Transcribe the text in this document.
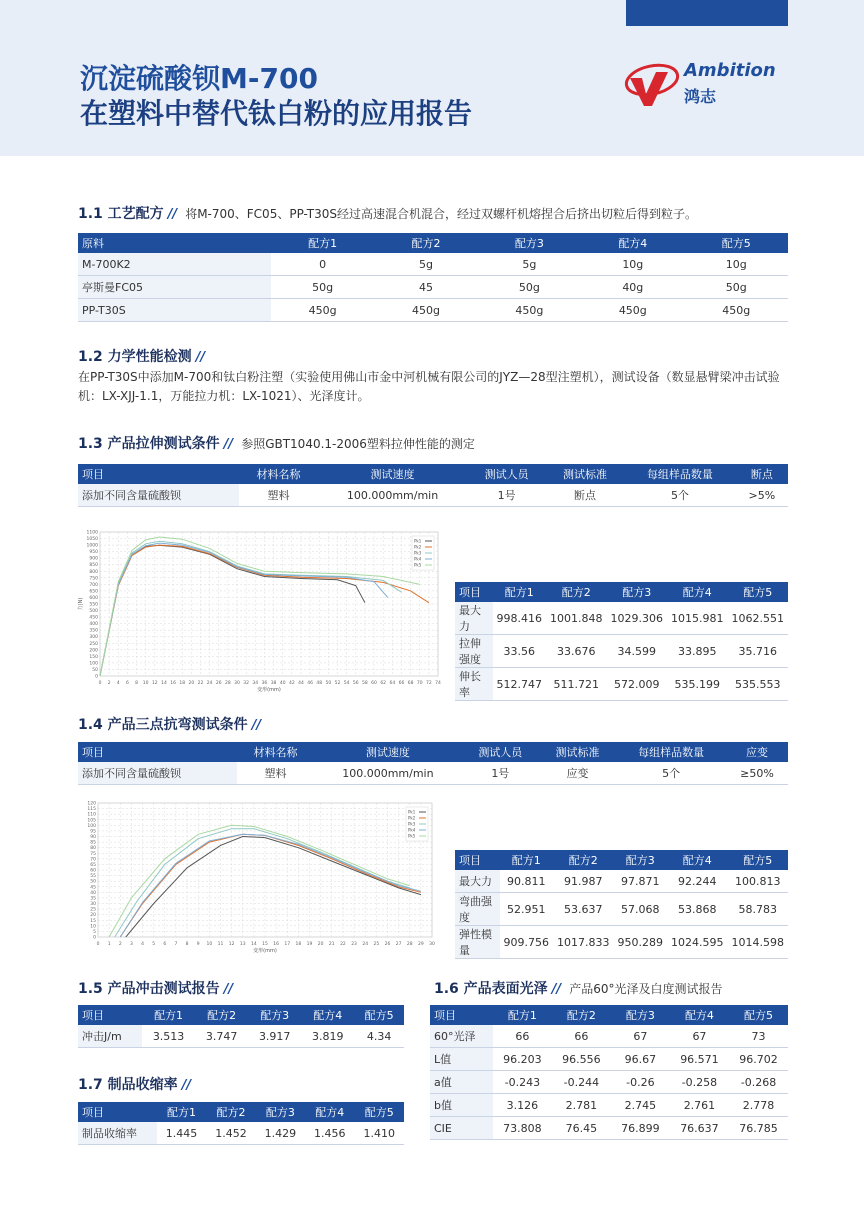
沉淀硫酸钡M-700
在塑料中替代钛白粉的应用报告
Ambition
鸿志
1.1 工艺配方 // 将M-700、FC05、PP-T30S经过高速混合机混合，经过双螺杆机熔捏合后挤出切粒后得到粒子。
原料	配方1	配方2	配方3	配方4	配方5
M-700K2	0	5g	5g	10g	10g
亭斯曼FC05	50g	45	50g	40g	50g
PP-T30S	450g	450g	450g	450g	450g
1.2 力学性能检测 //
在PP-T30S中添加M-700和钛白粉注塑（实验使用佛山市金中河机械有限公司的JYZ—28型注塑机），测试设备（数显悬臂梁冲击试验机：LX-XJJ-1.1，万能拉力机：LX-1021）、光泽度计。
1.3 产品拉伸测试条件 // 参照GBT1040.1-2006塑料拉伸性能的测定
项目	材料名称	测试速度	测试人员	测试标准	每组样品数量	断点
添加不同含量硫酸钡	塑料	100.000mm/min	1号	断点	5个	>5%
0 2 4 6 8 10 12 14 16 18 20 22 24 26 28 30 32 34 36 38 40 42 44 46 48 50 52 54 56 58 60 62 64 66 68 70 72 74
0
50
100
150
200
250
300
350
400
450
500
550
600
650
700
750
800
850
900
950
1000
1050
1100
变形(mm)
力(N)
Pk1
Pk2
Pk3
Pk4
Pk5
项目	配方1	配方2	配方3	配方4	配方5
最大力	998.416	1001.848	1029.306	1015.981	1062.551
拉伸强度	33.56	33.676	34.599	33.895	35.716
伸长率	512.747	511.721	572.009	535.199	535.553
1.4 产品三点抗弯测试条件 //
项目	材料名称	测试速度	测试人员	测试标准	每组样品数量	应变
添加不同含量硫酸钡	塑料	100.000mm/min	1号	应变	5个	≥50%
0 1 2 3 4 5 6 7 8 9 10 11 12 13 14 15 16 17 18 19 20 21 22 23 24 25 26 27 28 29 30
0
5
10
15
20
25
30
35
40
45
50
55
60
65
70
75
80
85
90
95
100
105
110
115
120
变形(mm)
Pk1
Pk2
Pk3
Pk4
Pk5
项目	配方1	配方2	配方3	配方4	配方5
最大力	90.811	91.987	97.871	92.244	100.813
弯曲强度	52.951	53.637	57.068	53.868	58.783
弹性模量	909.756	1017.833	950.289	1024.595	1014.598
1.5 产品冲击测试报告 //
项目	配方1	配方2	配方3	配方4	配方5
冲击J/m	3.513	3.747	3.917	3.819	4.34
1.7 制品收缩率 //
项目	配方1	配方2	配方3	配方4	配方5
制品收缩率	1.445	1.452	1.429	1.456	1.410
1.6 产品表面光泽 // 产品60°光泽及白度测试报告
项目	配方1	配方2	配方3	配方4	配方5
60°光泽	66	66	67	67	73
L值	96.203	96.556	96.67	96.571	96.702
a值	-0.243	-0.244	-0.26	-0.258	-0.268
b值	3.126	2.781	2.745	2.761	2.778
CIE	73.808	76.45	76.899	76.637	76.785
